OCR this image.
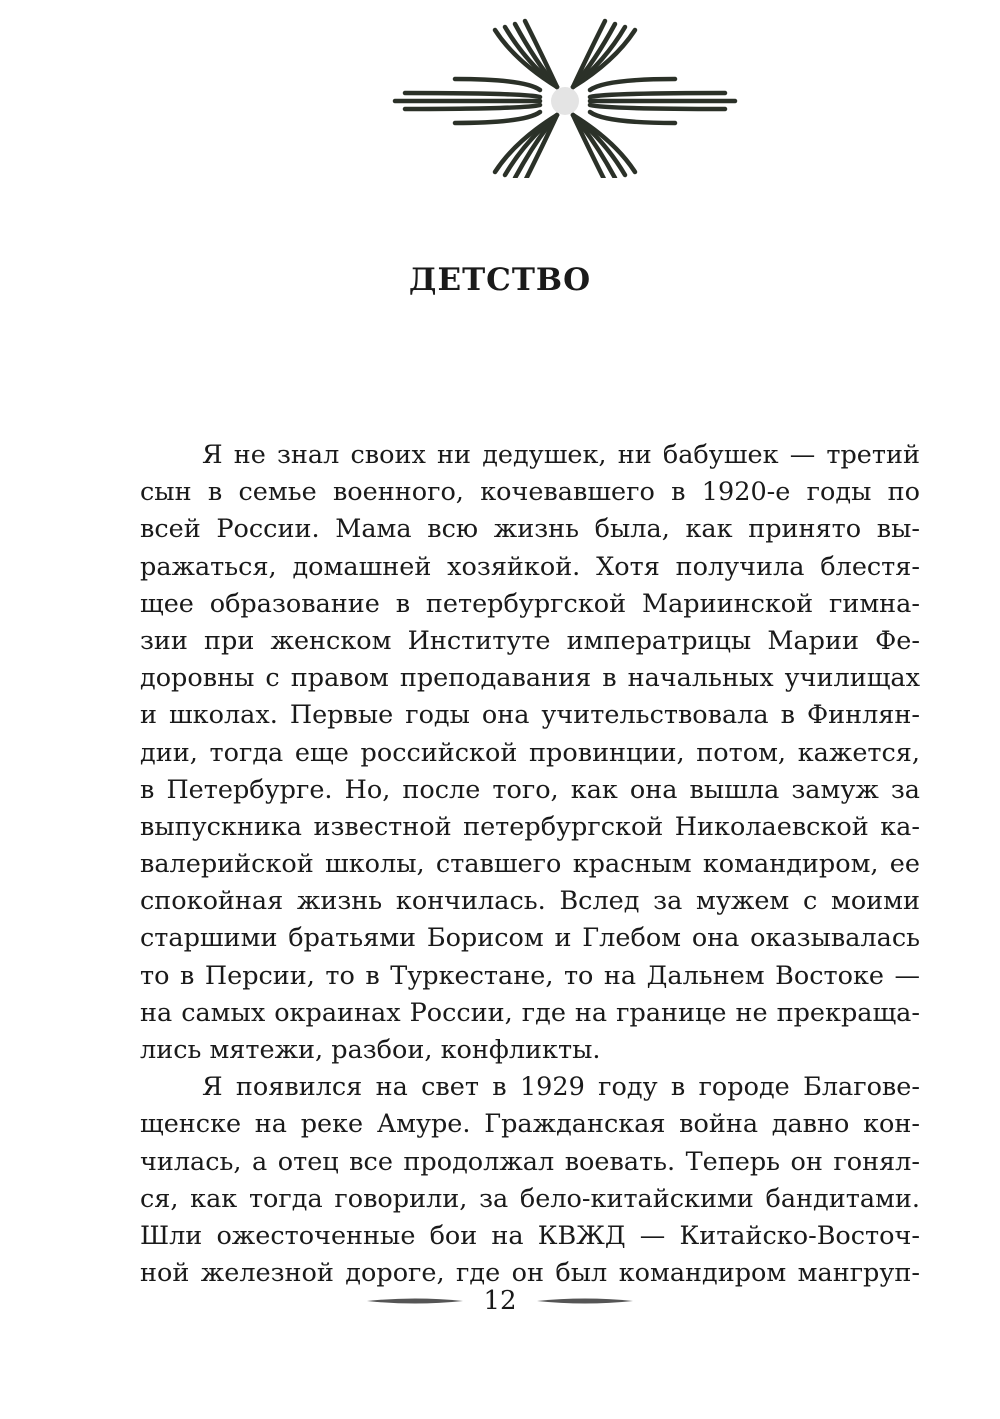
ДЕТСТВО
Я не знал своих ни дедушек, ни бабушек — третий
сын в семье военного, кочевавшего в 1920-е годы по
всей России. Мама всю жизнь была, как принято вы-
ражаться, домашней хозяйкой. Хотя получила блестя-
щее образование в петербургской Мариинской гимна-
зии при женском Институте императрицы Марии Фе-
доровны с правом преподавания в начальных училищах
и школах. Первые годы она учительствовала в Финлян-
дии, тогда еще российской провинции, потом, кажется,
в Петербурге. Но, после того, как она вышла замуж за
выпускника известной петербургской Николаевской ка-
валерийской школы, ставшего красным командиром, ее
спокойная жизнь кончилась. Вслед за мужем с моими
старшими братьями Борисом и Глебом она оказывалась
то в Персии, то в Туркестане, то на Дальнем Востоке —
на самых окраинах России, где на границе не прекраща-
лись мятежи, разбои, конфликты.
Я появился на свет в 1929 году в городе Благове-
щенске на реке Амуре. Гражданская война давно кон-
чилась, а отец все продолжал воевать. Теперь он гонял-
ся, как тогда говорили, за бело-китайскими бандитами.
Шли ожесточенные бои на КВЖД — Китайско-Восточ-
ной железной дороге, где он был командиром мангруп-
12
